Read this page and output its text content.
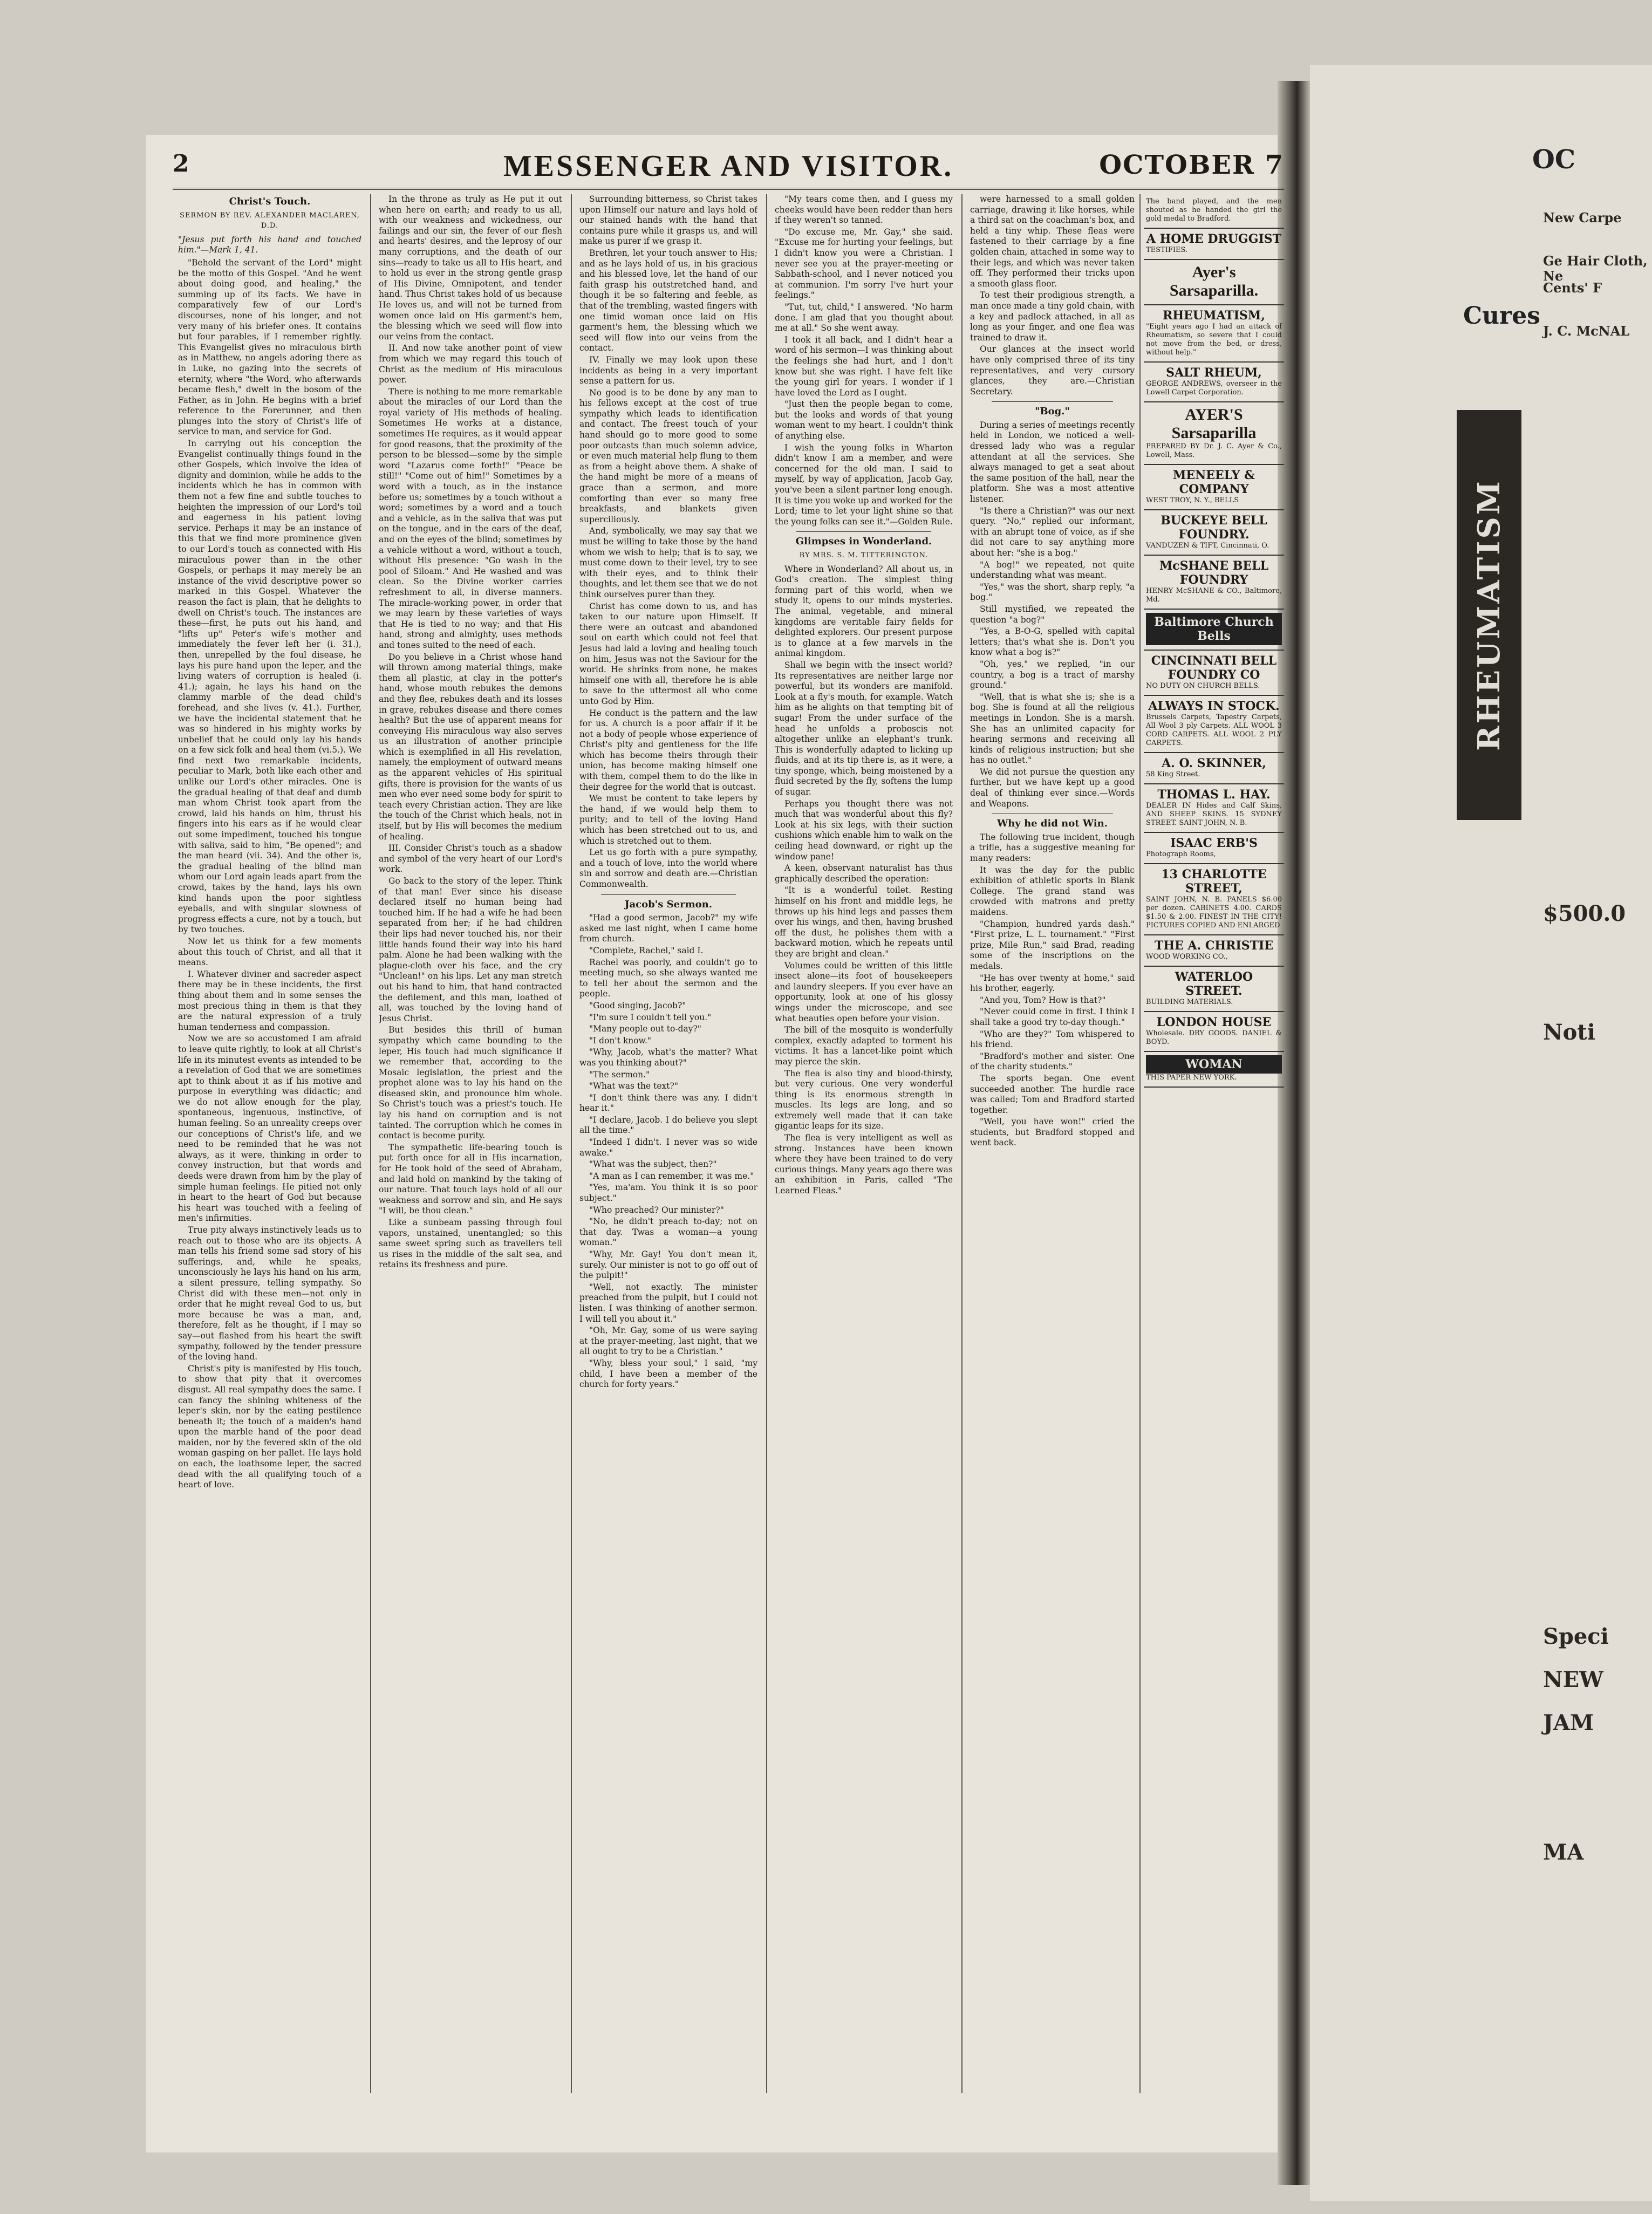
2	MESSENGER AND VISITOR.	OCTOBER 7
Christ's Touch.
SERMON BY REV. ALEXANDER MACLAREN, D.D.
"Jesus put forth his hand and touched him."—Mark 1, 41.

"Behold the servant of the Lord" might be the motto of this Gospel. "And he went about doing good, and healing," the summing up of its facts. We have in comparatively few of our Lord's discourses, none of his longer, and not very many of his briefer ones. It contains but four parables, if I remember rightly. This Evangelist gives no miraculous birth as in Matthew, no angels adoring there as in Luke, no gazing into the secrets of eternity, where "the Word, who afterwards became flesh," dwelt in the bosom of the Father, as in John. He begins with a brief reference to the Forerunner, and then plunges into the story of Christ's life of service to man, and service for God.

In carrying out his conception the Evangelist continually things found in the other Gospels, which involve the idea of dignity and dominion, while he adds to the incidents which he has in common with them not a few fine and subtle touches to heighten the impression of our Lord's toil and eagerness in his patient loving service. Perhaps it may be an instance of this that we find more prominence given to our Lord's touch as connected with His miraculous power than in the other Gospels, or perhaps it may merely be an instance of the vivid descriptive power so marked in this Gospel. Whatever the reason the fact is plain, that he delights to dwell on Christ's touch. The instances are these—first, he puts out his hand, and "lifts up" Peter's wife's mother and immediately the fever left her (i. 31.), then, unrepelled by the foul disease, he lays his pure hand upon the leper, and the living waters of corruption is healed (i. 41.); again, he lays his hand on the clammy marble of the dead child's forehead, and she lives (v. 41.). Further, we have the incidental statement that he was so hindered in his mighty works by unbelief that he could only lay his hands on a few sick folk and heal them (vi.5.). We find next two remarkable incidents, peculiar to Mark, both like each other and unlike our Lord's other miracles. One is the gradual healing of that deaf and dumb man whom Christ took apart from the crowd, laid his hands on him, thrust his fingers into his ears as if he would clear out some impediment, touched his tongue with saliva, said to him, "Be opened"; and the man heard (vii. 34). And the other is, the gradual healing of the blind man whom our Lord again leads apart from the crowd, takes by the hand, lays his own kind hands upon the poor sightless eyeballs, and with singular slowness of progress effects a cure, not by a touch, but by two touches.

Now let us think for a few moments about this touch of Christ, and all that it means.

I. Whatever diviner and sacreder aspect there may be in these incidents, the first thing about them and in some senses the most precious thing in them is that they are the natural expression of a truly human tenderness and compassion.

Now we are so accustomed I am afraid to leave quite rightly, to look at all Christ's life in its minutest events as intended to be a revelation of God that we are sometimes apt to think about it as if his motive and purpose in everything was didactic; and we do not allow enough for the play, spontaneous, ingenuous, instinctive, of human feeling. So an unreality creeps over our conceptions of Christ's life, and we need to be reminded that he was not always, as it were, thinking in order to convey instruction, but that words and deeds were drawn from him by the play of simple human feelings. He pitied not only in heart to the heart of God but because his heart was touched with a feeling of men's infirmities.

True pity always instinctively leads us to reach out to those who are its objects. A man tells his friend some sad story of his sufferings, and, while he speaks, unconsciously he lays his hand on his arm, a silent pressure, telling sympathy. So Christ did with these men—not only in order that he might reveal God to us, but more because he was a man, and, therefore, felt as he thought, if I may so say—out flashed from his heart the swift sympathy, followed by the tender pressure of the loving hand.

Christ's pity is manifested by His touch, to show that pity that it overcomes disgust. All real sympathy does the same. I can fancy the shining whiteness of the leper's skin, nor by the eating pestilence beneath it; the touch of a maiden's hand upon the marble hand of the poor dead maiden, nor by the fevered skin of the old woman gasping on her pallet. He lays hold on each, the loathsome leper, the sacred dead with the all qualifying touch of a heart of love.

In the throne as truly as He put it out when here on earth; and ready to us all, with our weakness and wickedness, our failings and our sin, the fever of our flesh and hearts' desires, and the leprosy of our many corruptions, and the death of our sins—ready to take us all to His heart, and to hold us ever in the strong gentle grasp of His Divine, Omnipotent, and tender hand. Thus Christ takes hold of us because He loves us, and will not be turned from women once laid on His garment's hem, the blessing which we seed will flow into our veins from the contact.

II. And now take another point of view from which we may regard this touch of Christ as the medium of His miraculous power.

There is nothing to me more remarkable about the miracles of our Lord than the royal variety of His methods of healing. Sometimes He works at a distance, sometimes He requires, as it would appear for good reasons, that the proximity of the person to be blessed—some by the simple word "Lazarus come forth!" "Peace be still!" "Come out of him!" Sometimes by a word with a touch, as in the instance before us; sometimes by a touch without a word; sometimes by a word and a touch and a vehicle, as in the saliva that was put on the tongue, and in the ears of the deaf, and on the eyes of the blind; sometimes by a vehicle without a word, without a touch, without His presence: "Go wash in the pool of Siloam." And He washed and was clean. So the Divine worker carries refreshment to all, in diverse manners. The miracle-working power, in order that we may learn by these varieties of ways that He is tied to no way; and that His hand, strong and almighty, uses methods and tones suited to the need of each.

Do you believe in a Christ whose hand will thrown among material things, make them all plastic, at clay in the potter's hand, whose mouth rebukes the demons and they flee, rebukes death and its losses in grave, rebukes disease and there comes health? But the use of apparent means for conveying His miraculous way also serves us an illustration of another principle which is exemplified in all His revelation, namely, the employment of outward means as the apparent vehicles of His spiritual gifts, there is provision for the wants of us men who ever need some body for spirit to teach every Christian action. They are like the touch of the Christ which heals, not in itself, but by His will becomes the medium of healing.

III. Consider Christ's touch as a shadow and symbol of the very heart of our Lord's work.

Go back to the story of the leper. Think of that man! Ever since his disease declared itself no human being had touched him. If he had a wife he had been separated from her; if he had children their lips had never touched his, nor their little hands found their way into his hard palm. Alone he had been walking with the plague-cloth over his face, and the cry "Unclean!" on his lips. Let any man stretch out his hand to him, that hand contracted the defilement, and this man, loathed of all, was touched by the loving hand of Jesus Christ.

But besides this thrill of human sympathy which came bounding to the leper, His touch had much significance if we remember that, according to the Mosaic legislation, the priest and the prophet alone was to lay his hand on the diseased skin, and pronounce him whole. So Christ's touch was a priest's touch. He lay his hand on corruption and is not tainted. The corruption which he comes in contact is become purity.

The sympathetic life-bearing touch is put forth once for all in His incarnation, for He took hold of the seed of Abraham, and laid hold on mankind by the taking of our nature. That touch lays hold of all our weakness and sorrow and sin, and He says "I will, be thou clean."

Like a sunbeam passing through foul vapors, unstained, unentangled; so this same sweet spring such as travellers tell us rises in the middle of the salt sea, and retains its freshness and pure.

Surrounding bitterness, so Christ takes upon Himself our nature and lays hold of our stained hands with the hand that contains pure while it grasps us, and will make us purer if we grasp it.

Brethren, let your touch answer to His; and as he lays hold of us, in his gracious and his blessed love, let the hand of our faith grasp his outstretched hand, and though it be so faltering and feeble, as that of the trembling, wasted fingers with one timid woman once laid on His garment's hem, the blessing which we seed will flow into our veins from the contact.

IV. Finally we may look upon these incidents as being in a very important sense a pattern for us.

No good is to be done by any man to his fellows except at the cost of true sympathy which leads to identification and contact. The freest touch of your hand should go to more good to some poor outcasts than much solemn advice, or even much material help flung to them as from a height above them. A shake of the hand might be more of a means of grace than a sermon, and more comforting than ever so many free breakfasts, and blankets given superciliously.

And, symbolically, we may say that we must be willing to take those by the hand whom we wish to help; that is to say, we must come down to their level, try to see with their eyes, and to think their thoughts, and let them see that we do not think ourselves purer than they.

Christ has come down to us, and has taken to our nature upon Himself. If there were an outcast and abandoned soul on earth which could not feel that Jesus had laid a loving and healing touch on him, Jesus was not the Saviour for the world. He shrinks from none, he makes himself one with all, therefore he is able to save to the uttermost all who come unto God by Him.

He conduct is the pattern and the law for us. A church is a poor affair if it be not a body of people whose experience of Christ's pity and gentleness for the life which has become theirs through their union, has become making himself one with them, compel them to do the like in their degree for the world that is outcast.

We must be content to take lepers by the hand, if we would help them to purity; and to tell of the loving Hand which has been stretched out to us, and which is stretched out to them.

Let us go forth with a pure sympathy, and a touch of love, into the world where sin and sorrow and death are.—Christian Commonwealth.

Jacob's Sermon.

"Had a good sermon, Jacob?" my wife asked me last night, when I came home from church.

"Complete, Rachel," said I.

Rachel was poorly, and couldn't go to meeting much, so she always wanted me to tell her about the sermon and the people.

"Good singing, Jacob?"

"I'm sure I couldn't tell you."

"Many people out to-day?"

"I don't know."

"Why, Jacob, what's the matter? What was you thinking about?"

"The sermon."

"What was the text?"

"I don't think there was any. I didn't hear it."

"I declare, Jacob. I do believe you slept all the time."

"Indeed I didn't. I never was so wide awake."

"What was the subject, then?"

"A man as I can remember, it was me."

"Yes, ma'am. You think it is so poor subject."

"Who preached? Our minister?"

"No, he didn't preach to-day; not on that day. Twas a woman—a young woman."

"Why, Mr. Gay! You don't mean it, surely. Our minister is not to go off out of the pulpit!"

"Well, not exactly. The minister preached from the pulpit, but I could not listen. I was thinking of another sermon. I will tell you about it."

"Oh, Mr. Gay, some of us were saying at the prayer-meeting, last night, that we all ought to try to be a Christian."

"Why, bless your soul," I said, "my child, I have been a member of the church for forty years."

"My tears come then, and I guess my cheeks would have been redder than hers if they weren't so tanned.

"Do excuse me, Mr. Gay," she said. "Excuse me for hurting your feelings, but I didn't know you were a Christian. I never see you at the prayer-meeting or Sabbath-school, and I never noticed you at communion. I'm sorry I've hurt your feelings."

"Tut, tut, child," I answered. "No harm done. I am glad that you thought about me at all." So she went away.

I took it all back, and I didn't hear a word of his sermon—I was thinking about the feelings she had hurt, and I don't know but she was right. I have felt like the young girl for years. I wonder if I have loved the Lord as I ought.

"Just then the people began to come, but the looks and words of that young woman went to my heart. I couldn't think of anything else.

I wish the young folks in Wharton didn't know I am a member, and were concerned for the old man. I said to myself, by way of application, Jacob Gay, you've been a silent partner long enough. It is time you woke up and worked for the Lord; time to let your light shine so that the young folks can see it."—Golden Rule.

Glimpses in Wonderland.
BY MRS. S. M. TITTERINGTON.

Where in Wonderland? All about us, in God's creation. The simplest thing forming part of this world, when we study it, opens to our minds mysteries. The animal, vegetable, and mineral kingdoms are veritable fairy fields for delighted explorers. Our present purpose is to glance at a few marvels in the animal kingdom.

Shall we begin with the insect world? Its representatives are neither large nor powerful, but its wonders are manifold. Look at a fly's mouth, for example. Watch him as he alights on that tempting bit of sugar! From the under surface of the head he unfolds a proboscis not altogether unlike an elephant's trunk. This is wonderfully adapted to licking up fluids, and at its tip there is, as it were, a tiny sponge, which, being moistened by a fluid secreted by the fly, softens the lump of sugar.

Perhaps you thought there was not much that was wonderful about this fly? Look at his six legs, with their suction cushions which enable him to walk on the ceiling head downward, or right up the window pane!

A keen, observant naturalist has thus graphically described the operation:

"It is a wonderful toilet. Resting himself on his front and middle legs, he throws up his hind legs and passes them over his wings, and then, having brushed off the dust, he polishes them with a backward motion, which he repeats until they are bright and clean."

Volumes could be written of this little insect alone—its foot of housekeepers and laundry sleepers. If you ever have an opportunity, look at one of his glossy wings under the microscope, and see what beauties open before your vision.

The bill of the mosquito is wonderfully complex, exactly adapted to torment his victims. It has a lancet-like point which may pierce the skin.

The flea is also tiny and blood-thirsty, but very curious. One very wonderful thing is its enormous strength in muscles. Its legs are long, and so extremely well made that it can take gigantic leaps for its size.

The flea is very intelligent as well as strong. Instances have been known where they have been trained to do very curious things. Many years ago there was an exhibition in Paris, called "The Learned Fleas."

were harnessed to a small golden carriage, drawing it like horses, while a third sat on the coachman's box, and held a tiny whip. These fleas were fastened to their carriage by a fine golden chain, attached in some way to their legs, and which was never taken off. They performed their tricks upon a smooth glass floor.

To test their prodigious strength, a man once made a tiny gold chain, with a key and padlock attached, in all as long as your finger, and one flea was trained to draw it.

Our glances at the insect world have only comprised three of its tiny representatives, and very cursory glances, they are.—Christian Secretary.

"Bog."

During a series of meetings recently held in London, we noticed a well-dressed lady who was a regular attendant at all the services. She always managed to get a seat about the same position of the hall, near the platform. She was a most attentive listener.

"Is there a Christian?" was our next query. "No," replied our informant, with an abrupt tone of voice, as if she did not care to say anything more about her: "she is a bog."

"A bog!" we repeated, not quite understanding what was meant.

"Yes," was the short, sharp reply, "a bog."

Still mystified, we repeated the question "a bog?"

"Yes, a B-O-G, spelled with capital letters; that's what she is. Don't you know what a bog is?"

"Oh, yes," we replied, "in our country, a bog is a tract of marshy ground."

"Well, that is what she is; she is a bog. She is found at all the religious meetings in London. She is a marsh. She has an unlimited capacity for hearing sermons and receiving all kinds of religious instruction; but she has no outlet."

We did not pursue the question any further, but we have kept up a good deal of thinking ever since.—Words and Weapons.

Why he did not Win.

The following true incident, though a trifle, has a suggestive meaning for many readers:

It was the day for the public exhibition of athletic sports in Blank College. The grand stand was crowded with matrons and pretty maidens.

"Champion, hundred yards dash." "First prize, L. L. tournament." "First prize, Mile Run," said Brad, reading some of the inscriptions on the medals.

"He has over twenty at home," said his brother, eagerly.

"And you, Tom? How is that?"

"Never could come in first. I think I shall take a good try to-day though."

"Who are they?" Tom whispered to his friend.

"Bradford's mother and sister. One of the charity students."

The sports began. One event succeeded another. The hurdle race was called; Tom and Bradford started together.

"Well, you have won!" cried the students, but Bradford stopped and went back.

The band played, and the men shouted as he handed the girl the gold medal to Bradford.
A HOME DRUGGIST
TESTIFIES.
Ayer's Sarsaparilla.
RHEUMATISM,
"Eight years ago I had an attack of Rheumatism, so severe that I could not move from the bed, or dress, without help."
SALT RHEUM,
GEORGE ANDREWS, overseer in the Lowell Carpet Corporation.
AYER'S Sarsaparilla
PREPARED BY Dr. J. C. Ayer & Co., Lowell, Mass.
MENEELY & COMPANY
WEST TROY, N. Y., BELLS
BUCKEYE BELL FOUNDRY.
VANDUZEN & TIFT, Cincinnati, O.
McSHANE BELL FOUNDRY
HENRY McSHANE & CO., Baltimore, Md.
Baltimore Church Bells
CINCINNATI BELL FOUNDRY CO
NO DUTY ON CHURCH BELLS.
ALWAYS IN STOCK.
Brussels Carpets, Tapestry Carpets, All Wool 3 ply Carpets. ALL WOOL 3 CORD CARPETS. ALL WOOL 2 PLY CARPETS.
A. O. SKINNER,
58 King Street.
THOMAS L. HAY.
DEALER IN Hides and Calf Skins, AND SHEEP SKINS. 15 SYDNEY STREET. SAINT JOHN, N. B.
ISAAC ERB'S
Photograph Rooms,
13 CHARLOTTE STREET,
SAINT JOHN, N. B. PANELS $6.00 per dozen. CABINETS 4.00. CARDS $1.50 & 2.00. FINEST IN THE CITY! PICTURES COPIED AND ENLARGED
THE A. CHRISTIE
WOOD WORKING CO.,
WATERLOO STREET.
BUILDING MATERIALS.
LONDON HOUSE
Wholesale. DRY GOODS. DANIEL & BOYD.
WOMAN
THIS PAPER NEW YORK.
OC
New Carpe
Ge Hair Cloth, Ne
Cents' F
J. C. McNAL
$500.0
Noti
Speci
NEW
JAM
MA
RHEUMATISM
Cures
